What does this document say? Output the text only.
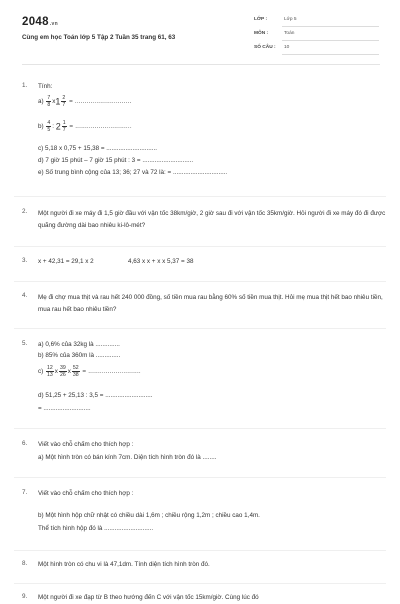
2048.vn
Cùng em học Toán lớp 5 Tập 2 Tuần 35 trang 61, 63
LỚP :	Lớp 5
MÔN :	Toán
SỐ CÂU : 10
1. Tính:
$a) \frac{7}{8} x1 \frac{2}{7}$ = .............................
$b) \frac{4}{5}$ : $2 \frac{1}{7}$ = .............................
c) 5,18 x 0,75 + 15,38 = .............................
d) 7 giờ 15 phút – 7 giờ 15 phút : 3 = .............................
e) Số trung bình cộng của 13; 36; 27 và 72 là: = ...............................
2. Một người đi xe máy đi 1,5 giờ đầu với vận tốc 38km/giờ, 2 giờ sau đi với vận tốc 35km/giờ. Hỏi người đi xe máy đó đi được quãng đường dài bao nhiêu ki-lô-mét?
3. x + 42,31 = 29,1 x 2	4,63 x x + x x 5,37 = 38
4. Mẹ đi chợ mua thịt và rau hết 240 000 đồng, số tiền mua rau bằng 60% số tiền mua thịt. Hỏi mẹ mua thịt hết bao nhiêu tiền, mua rau hết bao nhiêu tiền?
5. a) 0,6% của 32kg là ..............
b) 85% của 360m là ..............
$c) \frac{12}{13}$ x $\frac{39}{26}$ x $\frac{52}{38}$ = ...........................
d) 51,25 + 25,13 : 3,5 = ...........................
= ...........................
6. Viết vào chỗ chấm cho thích hợp :
a) Một hình tròn có bán kính 7cm. Diện tích hình tròn đó là ........
7. Viết vào chỗ chấm cho thích hợp :
b) Một hình hộp chữ nhật có chiều dài 1,6m ; chiều rộng 1,2m ; chiều cao 1,4m.
Thể tích hình hộp đó là ............................
8. Một hình tròn có chu vi là 47,1dm. Tính diện tích hình tròn đó.
9. Một người đi xe đạp từ B theo hướng đến C với vận tốc 15km/giờ. Cùng lúc đó
